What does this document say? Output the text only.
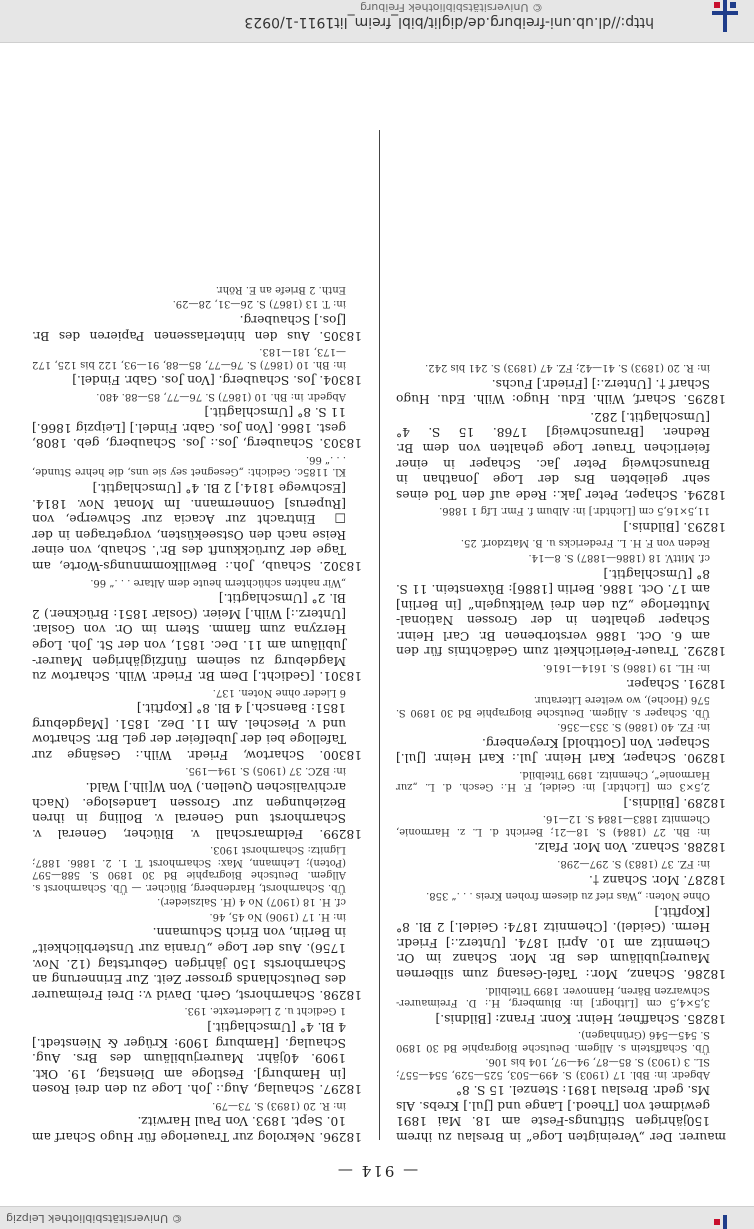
http://dl.ub.uni-freiburg.de/diglit/bibl_freim_lit1911-1/0923
© Universitätsbibliothek Freiburg
— 914 —

maurer. Der „Vereinigten Loge“ in Breslau zu ihrem 150jährigen Stiftungs-Feste am 18. Mai 1891 gewidmet von [Theod.] Lange und [Jul.] Krebs. Als Ms. gedr. Breslau 1891: Stenzel. 15 S. 8°

Abgedr. in: Bbl. 17 (1903) S. 499—503, 525—529, 554—557; SL. 3 (1903) S. 85—87, 94—97, 104 bis 106.

Üb. Schaffstein s. Allgem. Deutsche Biographie Bd 30 1890 S. 545—546 (Grünhagen).

18285. Schaffner, Heinr. Konr. Franz: [Bildnis.]

3,5×4,5 cm [Lithogr.] in: Blumberg, H.: D. Freimaurer-Schwarzen Bären, Hannover. 1899 Titelbild.

18286. Schanz, Mor.: Tafel-Gesang zum silbernen Maurerjubiläum des Br. Mor. Schanz im Or. Chemnitz am 10. April 1874. [Unterz.:] Friedr. Herm. (Geidel). [Chemnitz 1874: Geidel.] 2 Bl. 8° [Kopftit.]

Ohne Noten: „Was rief zu diesem frohen Kreis . . .“ 358.

18287. Mor. Schanz †.

in: FZ. 37 (1883) S. 297—298.

18288. Schanz. Von Mor. Pfalz.

in: Bh. 27 (1884) S. 18—21; Bericht d. L. z. Harmonie, Chemnitz 1883—1884 S. 12—16.

18289. [Bildnis.]

2,5×3 cm [Lichtdr.] in: Geidel, F. H.: Gesch. d. L. „zur Harmonie“, Chemnitz. 1899 Titelbild.

18290. Schaper, Karl Heinr. Jul.: Karl Heinr. [Jul.] Schaper. Von [Gotthold] Kreyenberg.

in: FZ. 40 (1886) S. 353—356.

Üb. Schaper s. Allgem. Deutsche Biographie Bd 30 1890 S. 576 (Hoche), wo weitere Literatur.

18291. Schaper.

in: HL. 19 (1886) S. 1614—1616.

18292. Trauer-Feierlichkeit zum Gedächtnis für den am 6. Oct. 1886 verstorbenen Br. Carl Heinr. Schaper gehalten in der Grossen National-Mutterloge „Zu den drei Weltkugeln“ [in Berlin] am 17. Oct. 1886. Berlin [1886]: Bûxenstein. 11 S. 8° [Umschlagtit.]

cf. MittV. 18 (1886—1887) S. 8—14.

Reden von F. H. L. Fredericks u. B. Matzdorf. 25.

18293. [Bildnis.]

11,5×16,5 cm [Lichtdr.] in: Album f. Fmr. Lfg 1 1886.

18294. Schaper, Peter Jak.: Rede auf den Tod eines sehr geliebten Brs der Loge Jonathan in Braunschweig Peter Jac. Schaper in einer feierlichen Trauer Loge gehalten von dem Br. Redner. [Braunschweig] 1768. 15 S. 4° [Umschlagtit.] 282.

18295. Scharf, Wilh. Edu. Hugo: Wilh. Edu. Hugo Scharf †. [Unterz.:] [Friedr.] Fuchs.

in: R. 20 (1893) S. 41—42; FZ. 47 (1893) S. 241 bis 242.

18296. Nekrolog zur Trauerloge für Hugo Scharf am 10. Sept. 1893. Von Paul Harwitz.

in: R. 20 (1893) S. 73—79.

18297. Schaulag, Aug.: Joh. Loge zu den drei Rosen [in Hamburg]. Festloge am Dienstag, 19. Okt. 1909. 40jähr. Maurerjubiläum des Brs. Aug. Schaulag. [Hamburg 1909: Krüger & Nienstedt.] 4 Bl. 4° [Umschlagtit.]

1 Gedicht u. 2 Liedertexte. 193.

18298. Scharnhorst, Gerh. David v.: Drei Freimaurer des Deutschlands grosser Zeit. Zur Erinnerung an Scharnhorsts 150 jährigen Geburtstag (12. Nov. 1756). Aus der Loge „Urania zur Unsterblichkeit“ in Berlin, von Erich Schumann.

in: H. 17 (1906) No 45, 46.

cf. H. 18 (1907) No 4 (H. Salzsieder).

Üb. Scharnhorst, Hardenberg, Blücher. — Üb. Scharnhorst s. Allgem. Deutsche Biographie Bd 30 1890 S. 588—597 (Poten); Lehmann, Max: Scharnhorst T. 1. 2. 1886. 1887; Lignitz: Scharnhorst 1903.

18299. Feldmarschall v. Blücher, General v. Scharnhorst und General v. Bolling in ihren Beziehungen zur Grossen Landesloge. (Nach archivalischen Quellen.) Von W[ilh.] Wald.

in: BZC. 37 (1905) S. 194—195.

18300. Schartow, Friedr. Wilh.: Gesänge zur Tafelloge bei der Jubelfeier der geL Brr. Schartow und v. Pieschel. Am 11. Dez. 1851. [Magdeburg 1851: Baensch.] 4 Bl. 8° [Kopftit.]

6 Lieder ohne Noten. 137.

18301. [Gedicht.] Dem Br. Friedr. Wilh. Schartow zu Magdeburg zu seinem fünfzigjährigen Maurer-Jubiläum am 11. Dec. 1851, von der St. Joh. Loge Herzyna zum flamm. Stern im Or. von Goslar. [Unterz.:] Wilh.] Meier. (Goslar 1851: Brückner.) 2 Bl. 2° [Umschlagtit.]

„Wir nahten schüchtern heute dem Altare . . .“ 66.

18302. Schaub, Joh.: Bewillkommnungs-Worte, am Tage der Zurückkunft des Br.'. Schaub, von einer Reise nach den Ostseeküsten, vorgetragen in der □ Eintracht zur Acacia zur Schwerpe, von [Ruperus] Gonnermann. Im Monat Nov. 1814. [Eschwege 1814.] 2 Bl. 4° [Umschlagtit.]

Kl. 1185c. Gedicht: „Gesegnet sey sie uns, die hehre Stunde, . . .“ 66.

18303. Schauberg, Jos.: Jos. Schauberg, geb. 1808, gest. 1866. [Von Jos. Gabr. Findel.] [Leipzig 1866.] 11 S. 8° [Umschlagtit.]

Abgedr. in: Bh. 10 (1867) S. 76—77, 85—88. 480.

18304. Jos. Schauberg. [Von Jos. Gabr. Findel.]

in: Bh. 10 (1867) S. 76—77, 85—88, 91—93, 122 bis 125, 172—173, 181—183.

18305. Aus den hinterlassenen Papieren des Br. [Jos.] Schauberg.

in: T. 13 (1867) S. 26—31, 28—29.

Enth. 2 Briefe an E. Röhr.

© Universitätsbibliothek Leipzig
